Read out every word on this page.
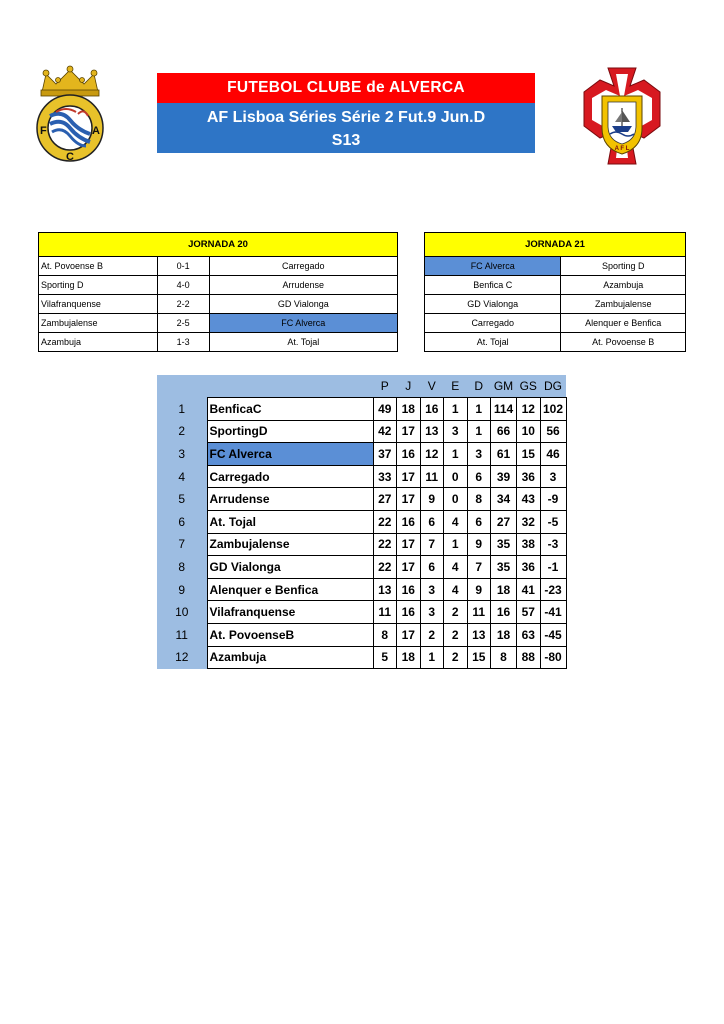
F	A
C
FUTEBOL CLUBE de ALVERCA
AF Lisboa Séries Série 2 Fut.9 Jun.D
S13	A F L
JORNADA 20		
At. Povoense B	0-1	Carregado
Sporting D	4-0	Arrudense
Vilafranquense	2-2	GD Vialonga
Zambujalense	2-5	FC Alverca
Azambuja	1-3	At. Tojal
JORNADA 21	
FC Alverca	Sporting D
Benfica C	Azambuja
GD Vialonga	Zambujalense
Carregado	Alenquer e Benfica
At. Tojal	At. Povoense B
		P	J	V	E	D	GM	GS	DG
1	BenficaC	49	18	16	1	1	114	12	102
2	SportingD	42	17	13	3	1	66	10	56
3	FC Alverca	37	16	12	1	3	61	15	46
4	Carregado	33	17	11	0	6	39	36	3
5	Arrudense	27	17	9	0	8	34	43	-9
6	At. Tojal	22	16	6	4	6	27	32	-5
7	Zambujalense	22	17	7	1	9	35	38	-3
8	GD Vialonga	22	17	6	4	7	35	36	-1
9	Alenquer e Benfica	13	16	3	4	9	18	41	-23
10	Vilafranquense	11	16	3	2	11	16	57	-41
11	At. PovoenseB	8	17	2	2	13	18	63	-45
12	Azambuja	5	18	1	2	15	8	88	-80
